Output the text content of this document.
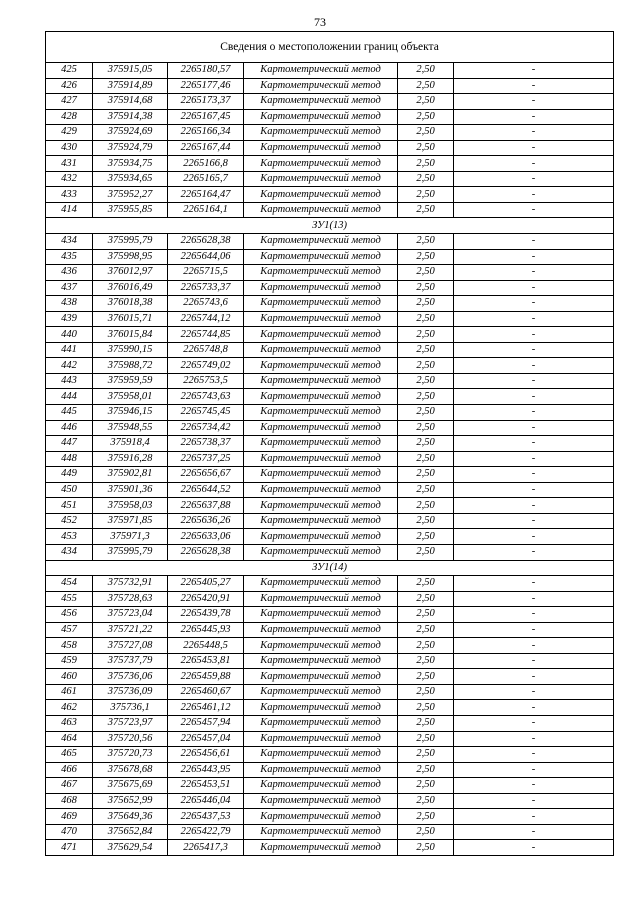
73
Сведения о местоположении границ объекта					
425	375915,05	2265180,57	Картометрический метод	2,50	-
426	375914,89	2265177,46	Картометрический метод	2,50	-
427	375914,68	2265173,37	Картометрический метод	2,50	-
428	375914,38	2265167,45	Картометрический метод	2,50	-
429	375924,69	2265166,34	Картометрический метод	2,50	-
430	375924,79	2265167,44	Картометрический метод	2,50	-
431	375934,75	2265166,8	Картометрический метод	2,50	-
432	375934,65	2265165,7	Картометрический метод	2,50	-
433	375952,27	2265164,47	Картометрический метод	2,50	-
414	375955,85	2265164,1	Картометрический метод	2,50	-
ЗУ1(13)					
434	375995,79	2265628,38	Картометрический метод	2,50	-
435	375998,95	2265644,06	Картометрический метод	2,50	-
436	376012,97	2265715,5	Картометрический метод	2,50	-
437	376016,49	2265733,37	Картометрический метод	2,50	-
438	376018,38	2265743,6	Картометрический метод	2,50	-
439	376015,71	2265744,12	Картометрический метод	2,50	-
440	376015,84	2265744,85	Картометрический метод	2,50	-
441	375990,15	2265748,8	Картометрический метод	2,50	-
442	375988,72	2265749,02	Картометрический метод	2,50	-
443	375959,59	2265753,5	Картометрический метод	2,50	-
444	375958,01	2265743,63	Картометрический метод	2,50	-
445	375946,15	2265745,45	Картометрический метод	2,50	-
446	375948,55	2265734,42	Картометрический метод	2,50	-
447	375918,4	2265738,37	Картометрический метод	2,50	-
448	375916,28	2265737,25	Картометрический метод	2,50	-
449	375902,81	2265656,67	Картометрический метод	2,50	-
450	375901,36	2265644,52	Картометрический метод	2,50	-
451	375958,03	2265637,88	Картометрический метод	2,50	-
452	375971,85	2265636,26	Картометрический метод	2,50	-
453	375971,3	2265633,06	Картометрический метод	2,50	-
434	375995,79	2265628,38	Картометрический метод	2,50	-
ЗУ1(14)					
454	375732,91	2265405,27	Картометрический метод	2,50	-
455	375728,63	2265420,91	Картометрический метод	2,50	-
456	375723,04	2265439,78	Картометрический метод	2,50	-
457	375721,22	2265445,93	Картометрический метод	2,50	-
458	375727,08	2265448,5	Картометрический метод	2,50	-
459	375737,79	2265453,81	Картометрический метод	2,50	-
460	375736,06	2265459,88	Картометрический метод	2,50	-
461	375736,09	2265460,67	Картометрический метод	2,50	-
462	375736,1	2265461,12	Картометрический метод	2,50	-
463	375723,97	2265457,94	Картометрический метод	2,50	-
464	375720,56	2265457,04	Картометрический метод	2,50	-
465	375720,73	2265456,61	Картометрический метод	2,50	-
466	375678,68	2265443,95	Картометрический метод	2,50	-
467	375675,69	2265453,51	Картометрический метод	2,50	-
468	375652,99	2265446,04	Картометрический метод	2,50	-
469	375649,36	2265437,53	Картометрический метод	2,50	-
470	375652,84	2265422,79	Картометрический метод	2,50	-
471	375629,54	2265417,3	Картометрический метод	2,50	-
